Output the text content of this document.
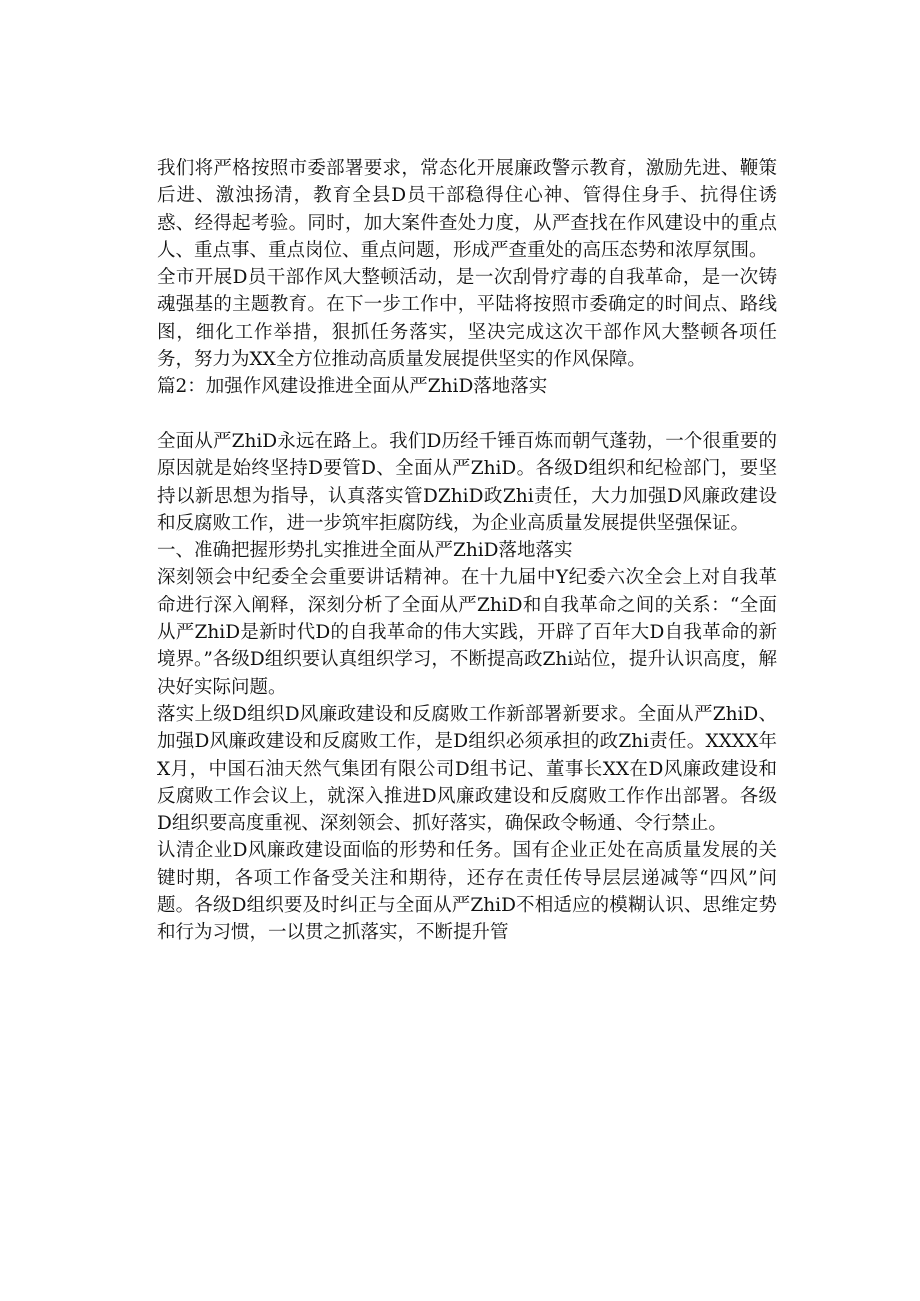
我们将严格按照市委部署要求，常态化开展廉政警示教育，激励先进、鞭策后进、激浊扬清，教育全县D员干部稳得住心神、管得住身手、抗得住诱惑、经得起考验。同时，加大案件查处力度，从严查找在作风建设中的重点人、重点事、重点岗位、重点问题，形成严查重处的高压态势和浓厚氛围。

全市开展D员干部作风大整顿活动，是一次刮骨疗毒的自我革命，是一次铸魂强基的主题教育。在下一步工作中，平陆将按照市委确定的时间点、路线图，细化工作举措，狠抓任务落实，坚决完成这次干部作风大整顿各项任务，努力为XX全方位推动高质量发展提供坚实的作风保障。

篇2：加强作风建设推进全面从严ZhiD落地落实

全面从严ZhiD永远在路上。我们D历经千锤百炼而朝气蓬勃，一个很重要的原因就是始终坚持D要管D、全面从严ZhiD。各级D组织和纪检部门，要坚持以新思想为指导，认真落实管DZhiD政Zhi责任，大力加强D风廉政建设和反腐败工作，进一步筑牢拒腐防线，为企业高质量发展提供坚强保证。

一、准确把握形势扎实推进全面从严ZhiD落地落实

深刻领会中纪委全会重要讲话精神。在十九届中Y纪委六次全会上对自我革命进行深入阐释，深刻分析了全面从严ZhiD和自我革命之间的关系：“全面从严ZhiD是新时代D的自我革命的伟大实践，开辟了百年大D自我革命的新境界。”各级D组织要认真组织学习，不断提高政Zhi站位，提升认识高度，解决好实际问题。

落实上级D组织D风廉政建设和反腐败工作新部署新要求。全面从严ZhiD、加强D风廉政建设和反腐败工作，是D组织必须承担的政Zhi责任。XXXX年X月，中国石油天然气集团有限公司D组书记、董事长XX在D风廉政建设和反腐败工作会议上，就深入推进D风廉政建设和反腐败工作作出部署。各级D组织要高度重视、深刻领会、抓好落实，确保政令畅通、令行禁止。

认清企业D风廉政建设面临的形势和任务。国有企业正处在高质量发展的关键时期，各项工作备受关注和期待，还存在责任传导层层递减等“四风”问题。各级D组织要及时纠正与全面从严ZhiD不相适应的模糊认识、思维定势和行为习惯，一以贯之抓落实，不断提升管
